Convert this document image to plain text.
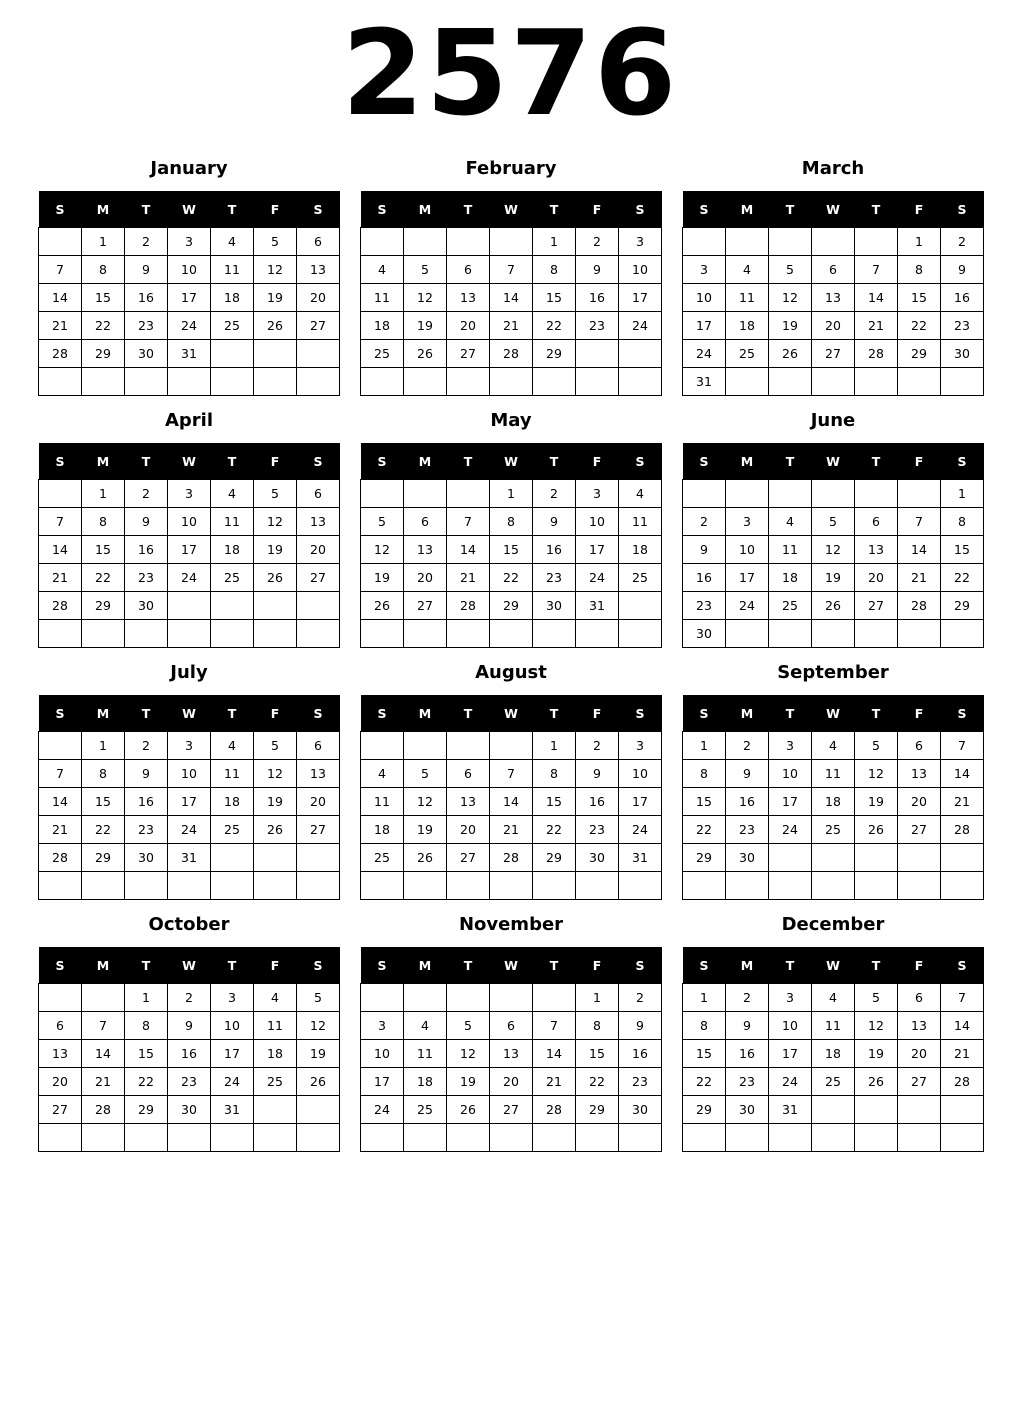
2576
January
S	M	T	W	T	F	S
	1	2	3	4	5	6
7	8	9	10	11	12	13
14	15	16	17	18	19	20
21	22	23	24	25	26	27
28	29	30	31			

February
S	M	T	W	T	F	S
				1	2	3
4	5	6	7	8	9	10
11	12	13	14	15	16	17
18	19	20	21	22	23	24
25	26	27	28	29		

March
S	M	T	W	T	F	S
					1	2
3	4	5	6	7	8	9
10	11	12	13	14	15	16
17	18	19	20	21	22	23
24	25	26	27	28	29	30
31						
April
S	M	T	W	T	F	S
	1	2	3	4	5	6
7	8	9	10	11	12	13
14	15	16	17	18	19	20
21	22	23	24	25	26	27
28	29	30				

May
S	M	T	W	T	F	S
			1	2	3	4
5	6	7	8	9	10	11
12	13	14	15	16	17	18
19	20	21	22	23	24	25
26	27	28	29	30	31	

June
S	M	T	W	T	F	S
						1
2	3	4	5	6	7	8
9	10	11	12	13	14	15
16	17	18	19	20	21	22
23	24	25	26	27	28	29
30						
July
S	M	T	W	T	F	S
	1	2	3	4	5	6
7	8	9	10	11	12	13
14	15	16	17	18	19	20
21	22	23	24	25	26	27
28	29	30	31			

August
S	M	T	W	T	F	S
				1	2	3
4	5	6	7	8	9	10
11	12	13	14	15	16	17
18	19	20	21	22	23	24
25	26	27	28	29	30	31

September
S	M	T	W	T	F	S
1	2	3	4	5	6	7
8	9	10	11	12	13	14
15	16	17	18	19	20	21
22	23	24	25	26	27	28
29	30					

October
S	M	T	W	T	F	S
		1	2	3	4	5
6	7	8	9	10	11	12
13	14	15	16	17	18	19
20	21	22	23	24	25	26
27	28	29	30	31		

November
S	M	T	W	T	F	S
					1	2
3	4	5	6	7	8	9
10	11	12	13	14	15	16
17	18	19	20	21	22	23
24	25	26	27	28	29	30

December
S	M	T	W	T	F	S
1	2	3	4	5	6	7
8	9	10	11	12	13	14
15	16	17	18	19	20	21
22	23	24	25	26	27	28
29	30	31				
